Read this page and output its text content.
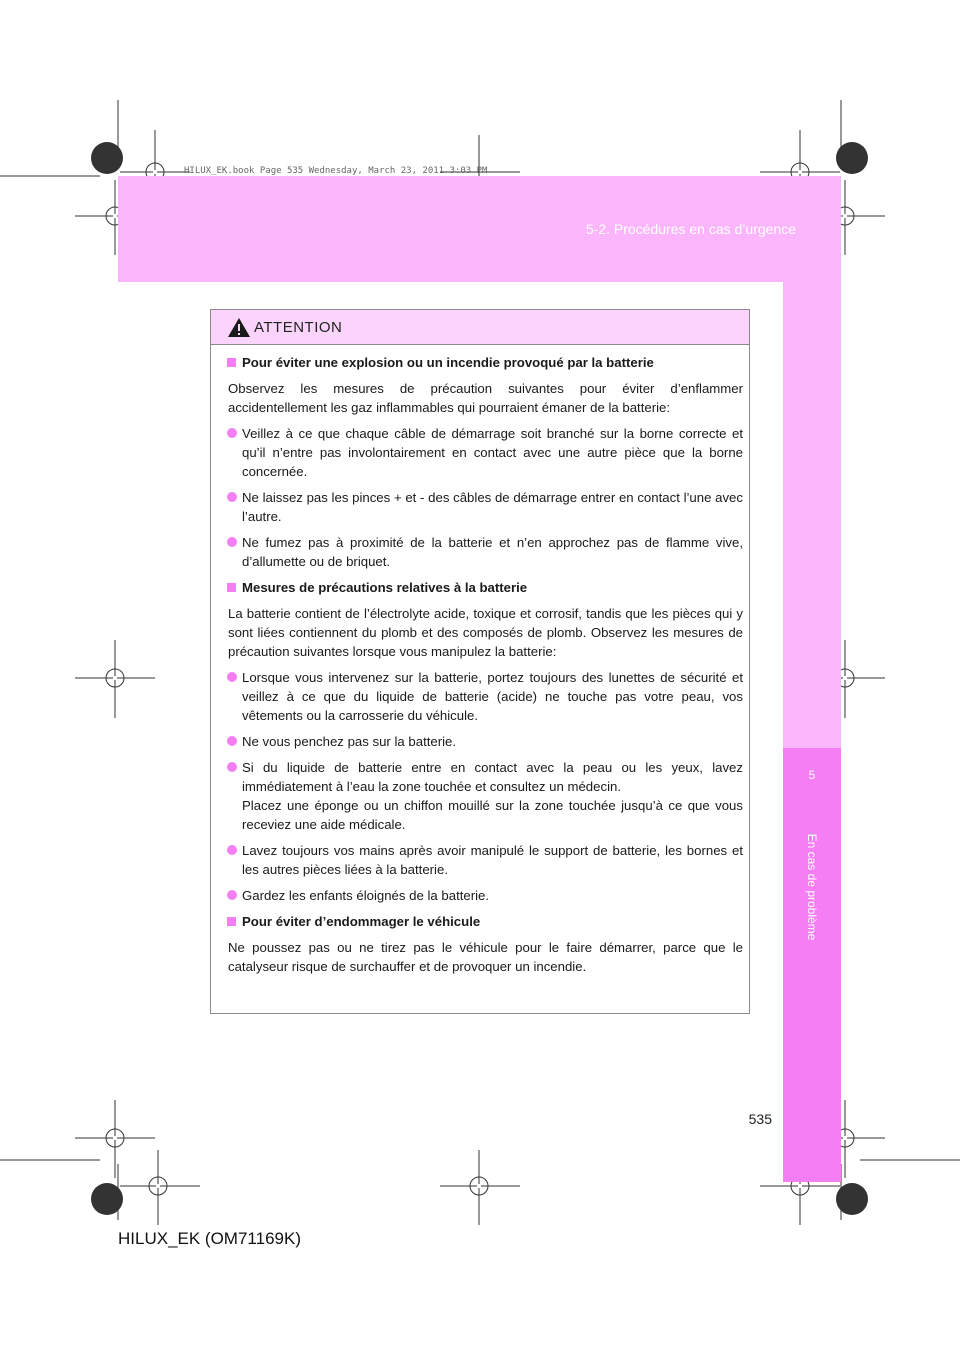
HILUX_EK.book Page 535 Wednesday, March 23, 2011 3:03 PM
5-2. Procédures en cas d’urgence
5
En cas de problème
ATTENTION

Pour éviter une explosion ou un incendie provoqué par la batterie

Observez les mesures de précaution suivantes pour éviter d’enflammer accidentellement les gaz inflammables qui pourraient émaner de la batterie:

Veillez à ce que chaque câble de démarrage soit branché sur la borne correcte et qu’il n’entre pas involontairement en contact avec une autre pièce que la borne concernée.

Ne laissez pas les pinces + et - des câbles de démarrage entrer en contact l’une avec l’autre.

Ne fumez pas à proximité de la batterie et n’en approchez pas de flamme vive, d’allumette ou de briquet.

Mesures de précautions relatives à la batterie

La batterie contient de l’électrolyte acide, toxique et corrosif, tandis que les pièces qui y sont liées contiennent du plomb et des composés de plomb. Observez les mesures de précaution suivantes lorsque vous manipulez la batterie:

Lorsque vous intervenez sur la batterie, portez toujours des lunettes de sécurité et veillez à ce que du liquide de batterie (acide) ne touche pas votre peau, vos vêtements ou la carrosserie du véhicule.

Ne vous penchez pas sur la batterie.

Si du liquide de batterie entre en contact avec la peau ou les yeux, lavez immédiatement à l’eau la zone touchée et consultez un médecin.
Placez une éponge ou un chiffon mouillé sur la zone touchée jusqu’à ce que vous receviez une aide médicale.

Lavez toujours vos mains après avoir manipulé le support de batterie, les bornes et les autres pièces liées à la batterie.

Gardez les enfants éloignés de la batterie.

Pour éviter d’endommager le véhicule

Ne poussez pas ou ne tirez pas le véhicule pour le faire démarrer, parce que le catalyseur risque de surchauffer et de provoquer un incendie.

535
HILUX_EK (OM71169K)
